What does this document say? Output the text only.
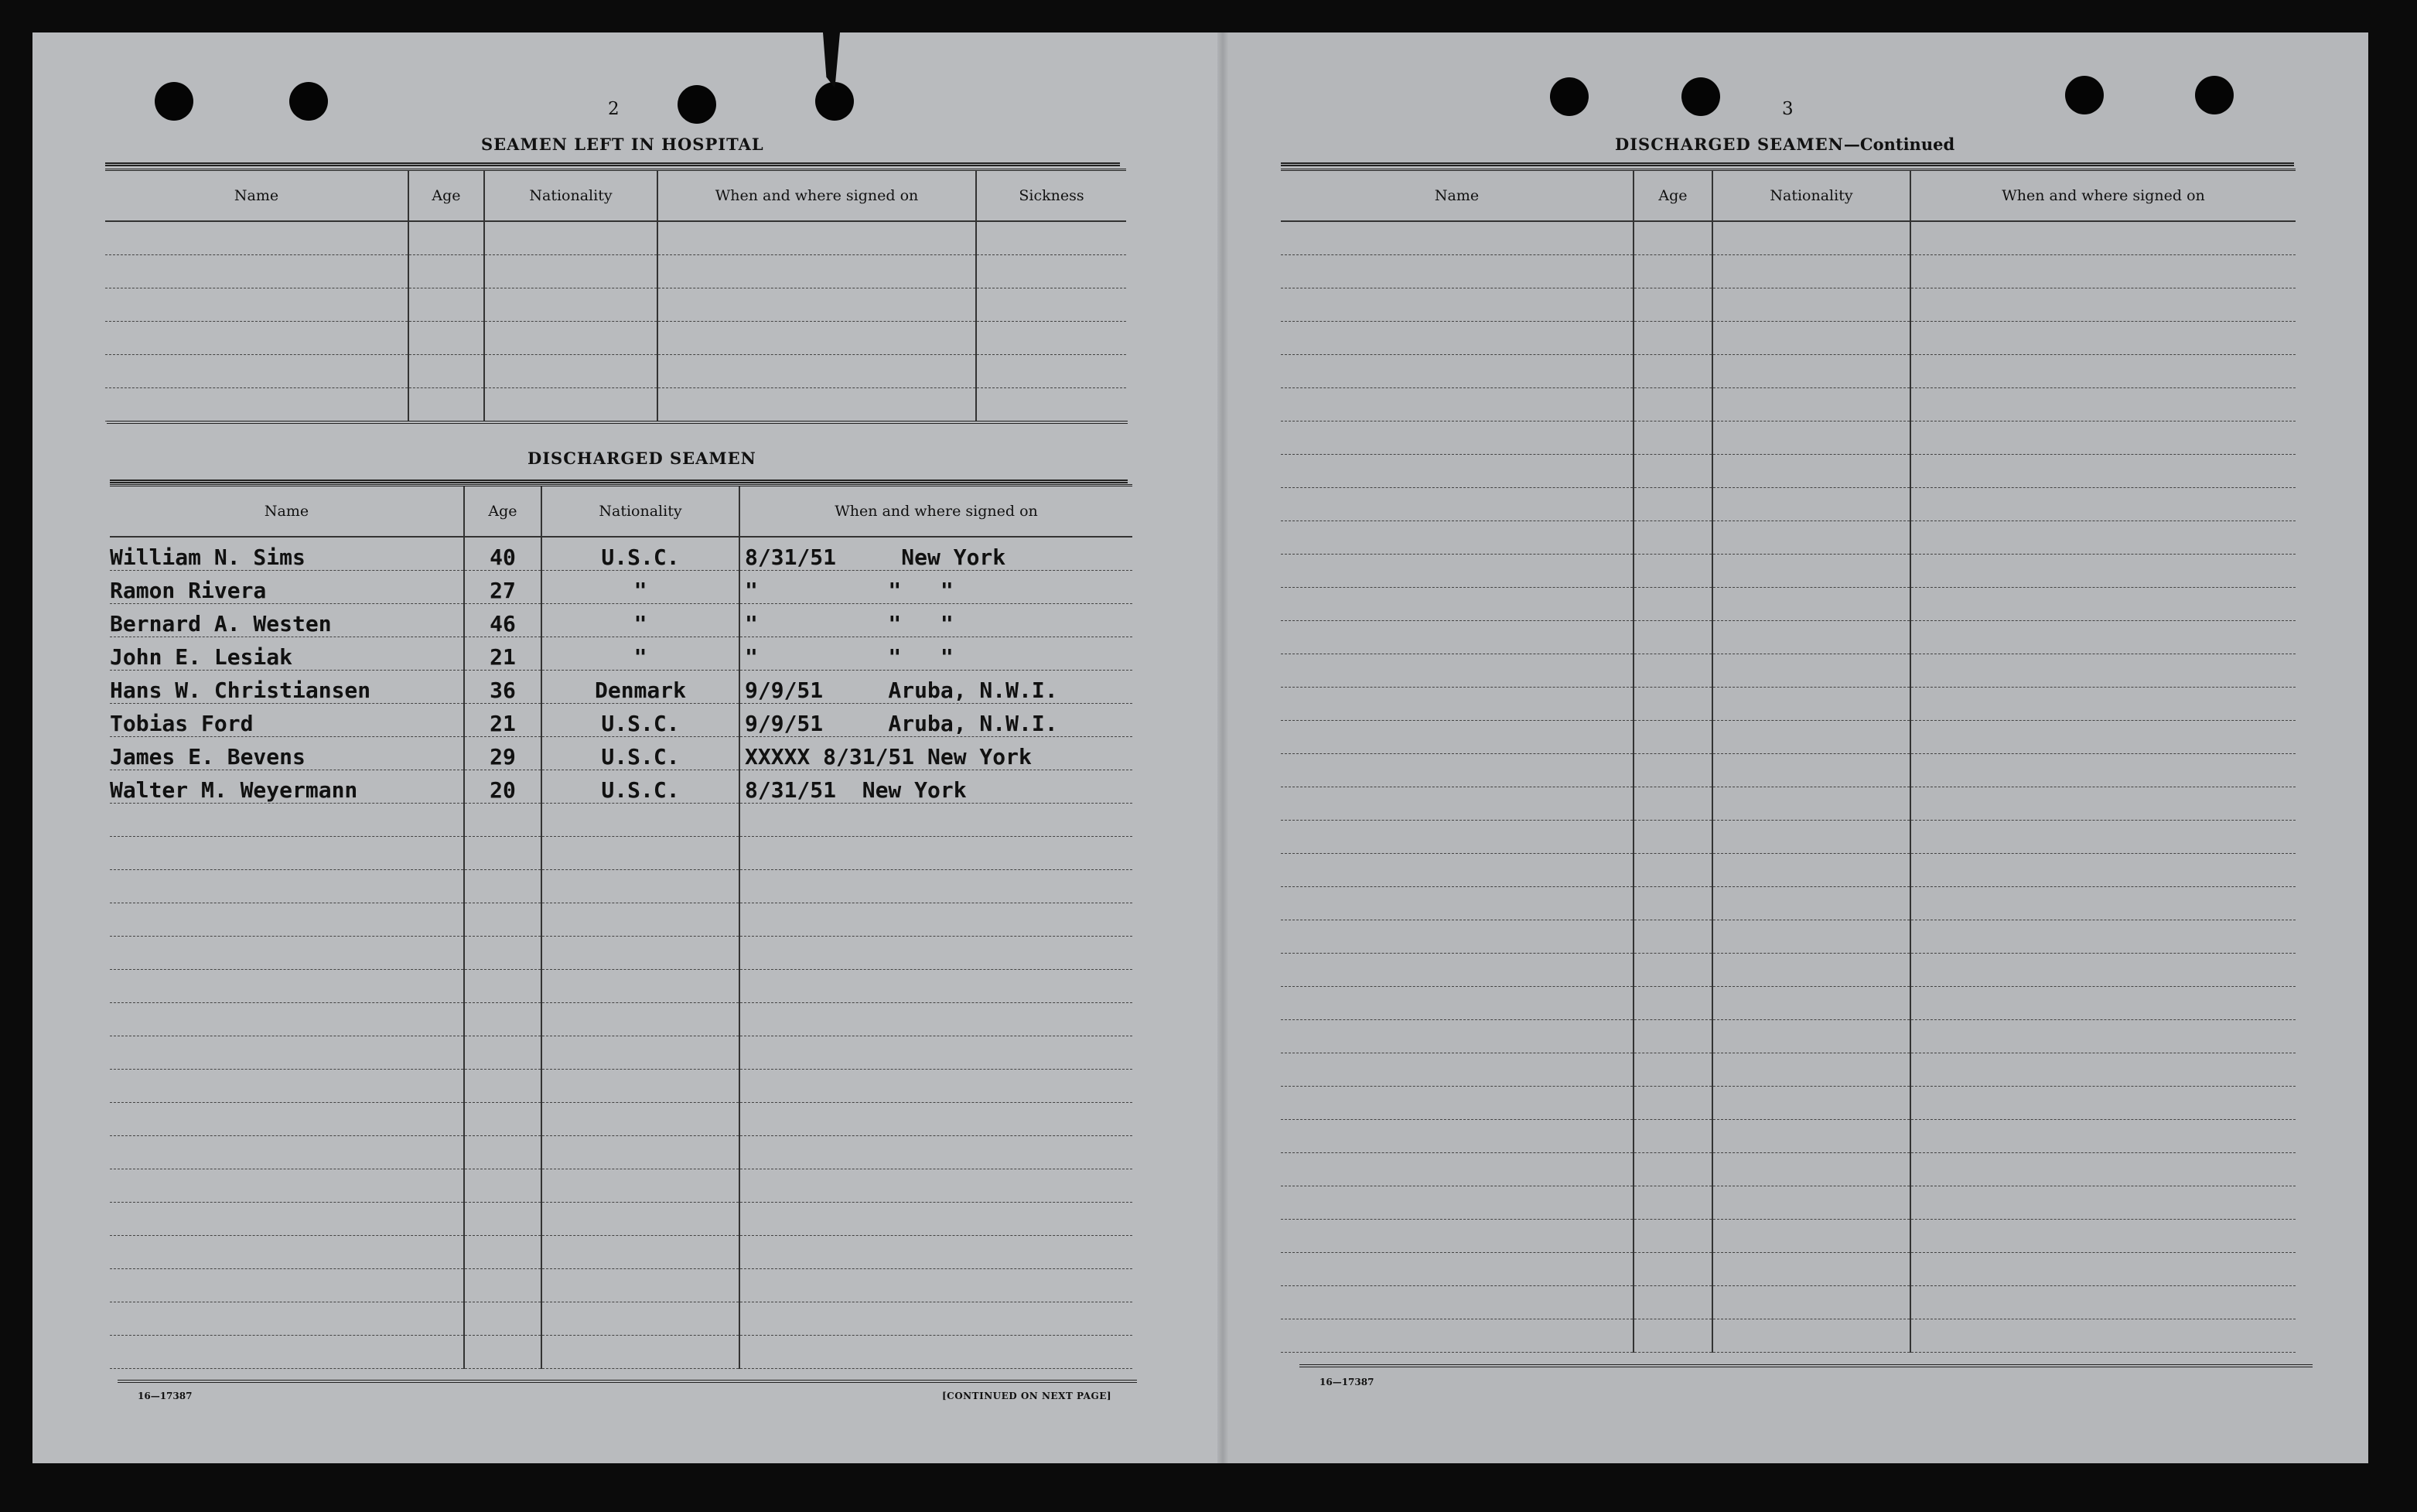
2
SEAMEN LEFT IN HOSPITAL
Name	Age	Nationality	When and where signed on	Sickness

DISCHARGED SEAMEN
Name	Age	Nationality	When and where signed on
William N. Sims	40	U.S.C.	8/31/51     New York
Ramon Rivera	27	"	"          "   "
Bernard A. Westen	46	"	"          "   "
John E. Lesiak	21	"	"          "   "
Hans W. Christiansen	36	Denmark	9/9/51     Aruba, N.W.I.
Tobias Ford	21	U.S.C.	9/9/51     Aruba, N.W.I.
James E. Bevens	29	U.S.C.	XXXXX 8/31/51 New York
Walter M. Weyermann	20	U.S.C.	8/31/51  New York

16—17387	[CONTINUED ON NEXT PAGE]
3
DISCHARGED SEAMEN—Continued
Name	Age	Nationality	When and where signed on

16—17387
